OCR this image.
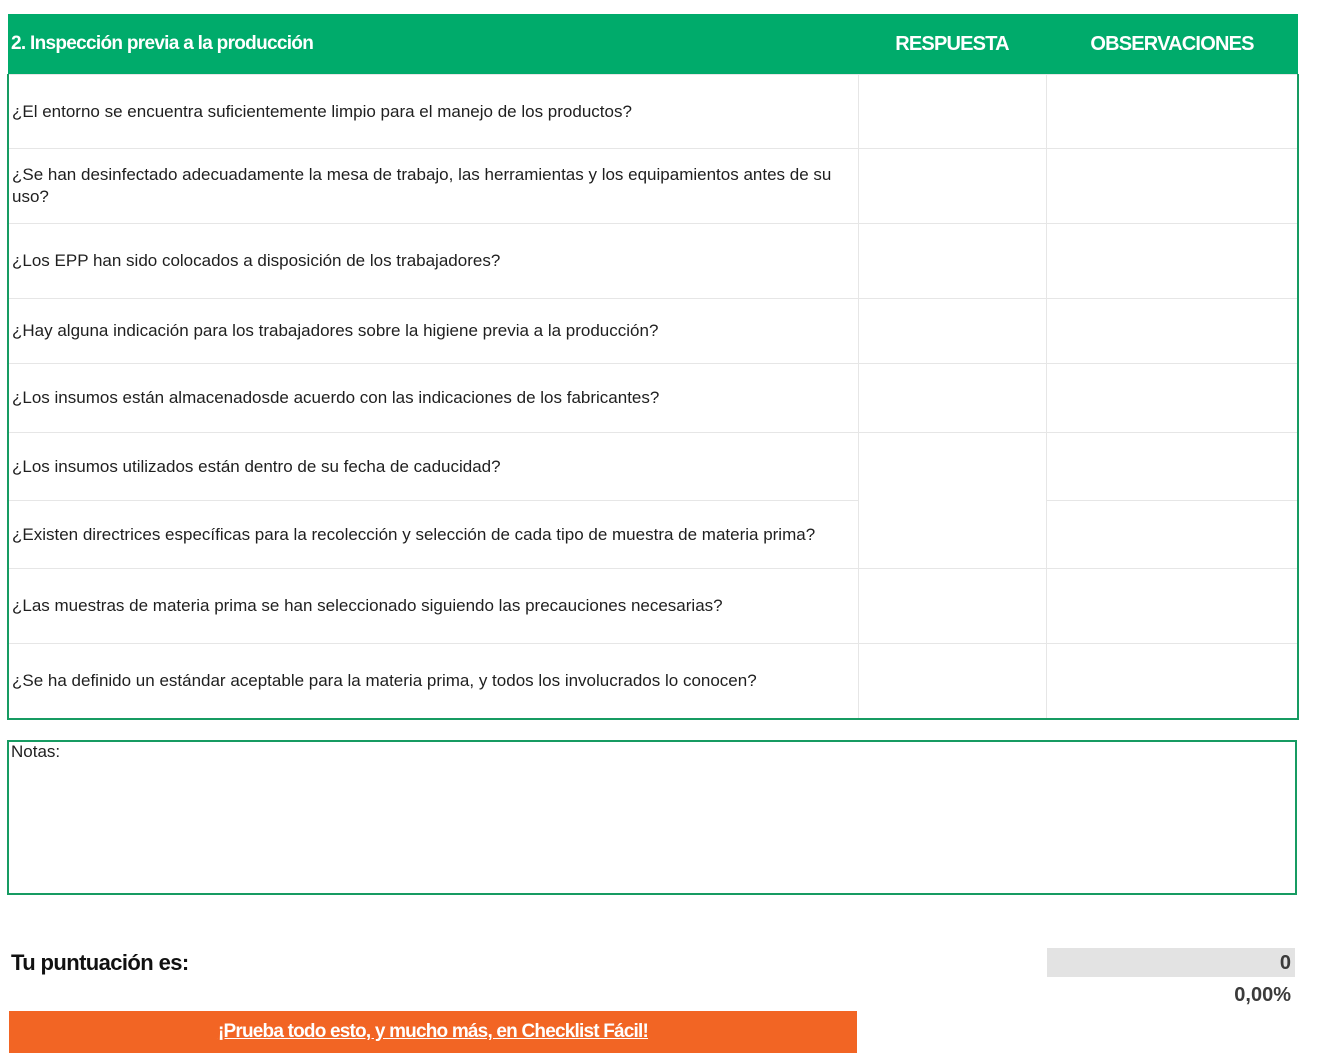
2. Inspección previa a la producción	RESPUESTA	OBSERVACIONES
¿El entorno se encuentra suficientemente limpio para el manejo de los productos?		
¿Se han desinfectado adecuadamente la mesa de trabajo, las herramientas y los equipamientos antes de su uso?		
¿Los EPP han sido colocados a disposición de los trabajadores?		
¿Hay alguna indicación para los trabajadores sobre la higiene previa a la producción?		
¿Los insumos están almacenadosde acuerdo con las indicaciones de los fabricantes?		
¿Los insumos utilizados están dentro de su fecha de caducidad?		
¿Existen directrices específicas para la recolección y selección de cada tipo de muestra de materia prima?		
¿Las muestras de materia prima se han seleccionado siguiendo las precauciones necesarias?		
¿Se ha definido un estándar aceptable para la materia prima, y todos los involucrados lo conocen?		
Notas:
Tu puntuación es:	0
0,00%
¡Prueba todo esto, y mucho más, en Checklist Fácil!
